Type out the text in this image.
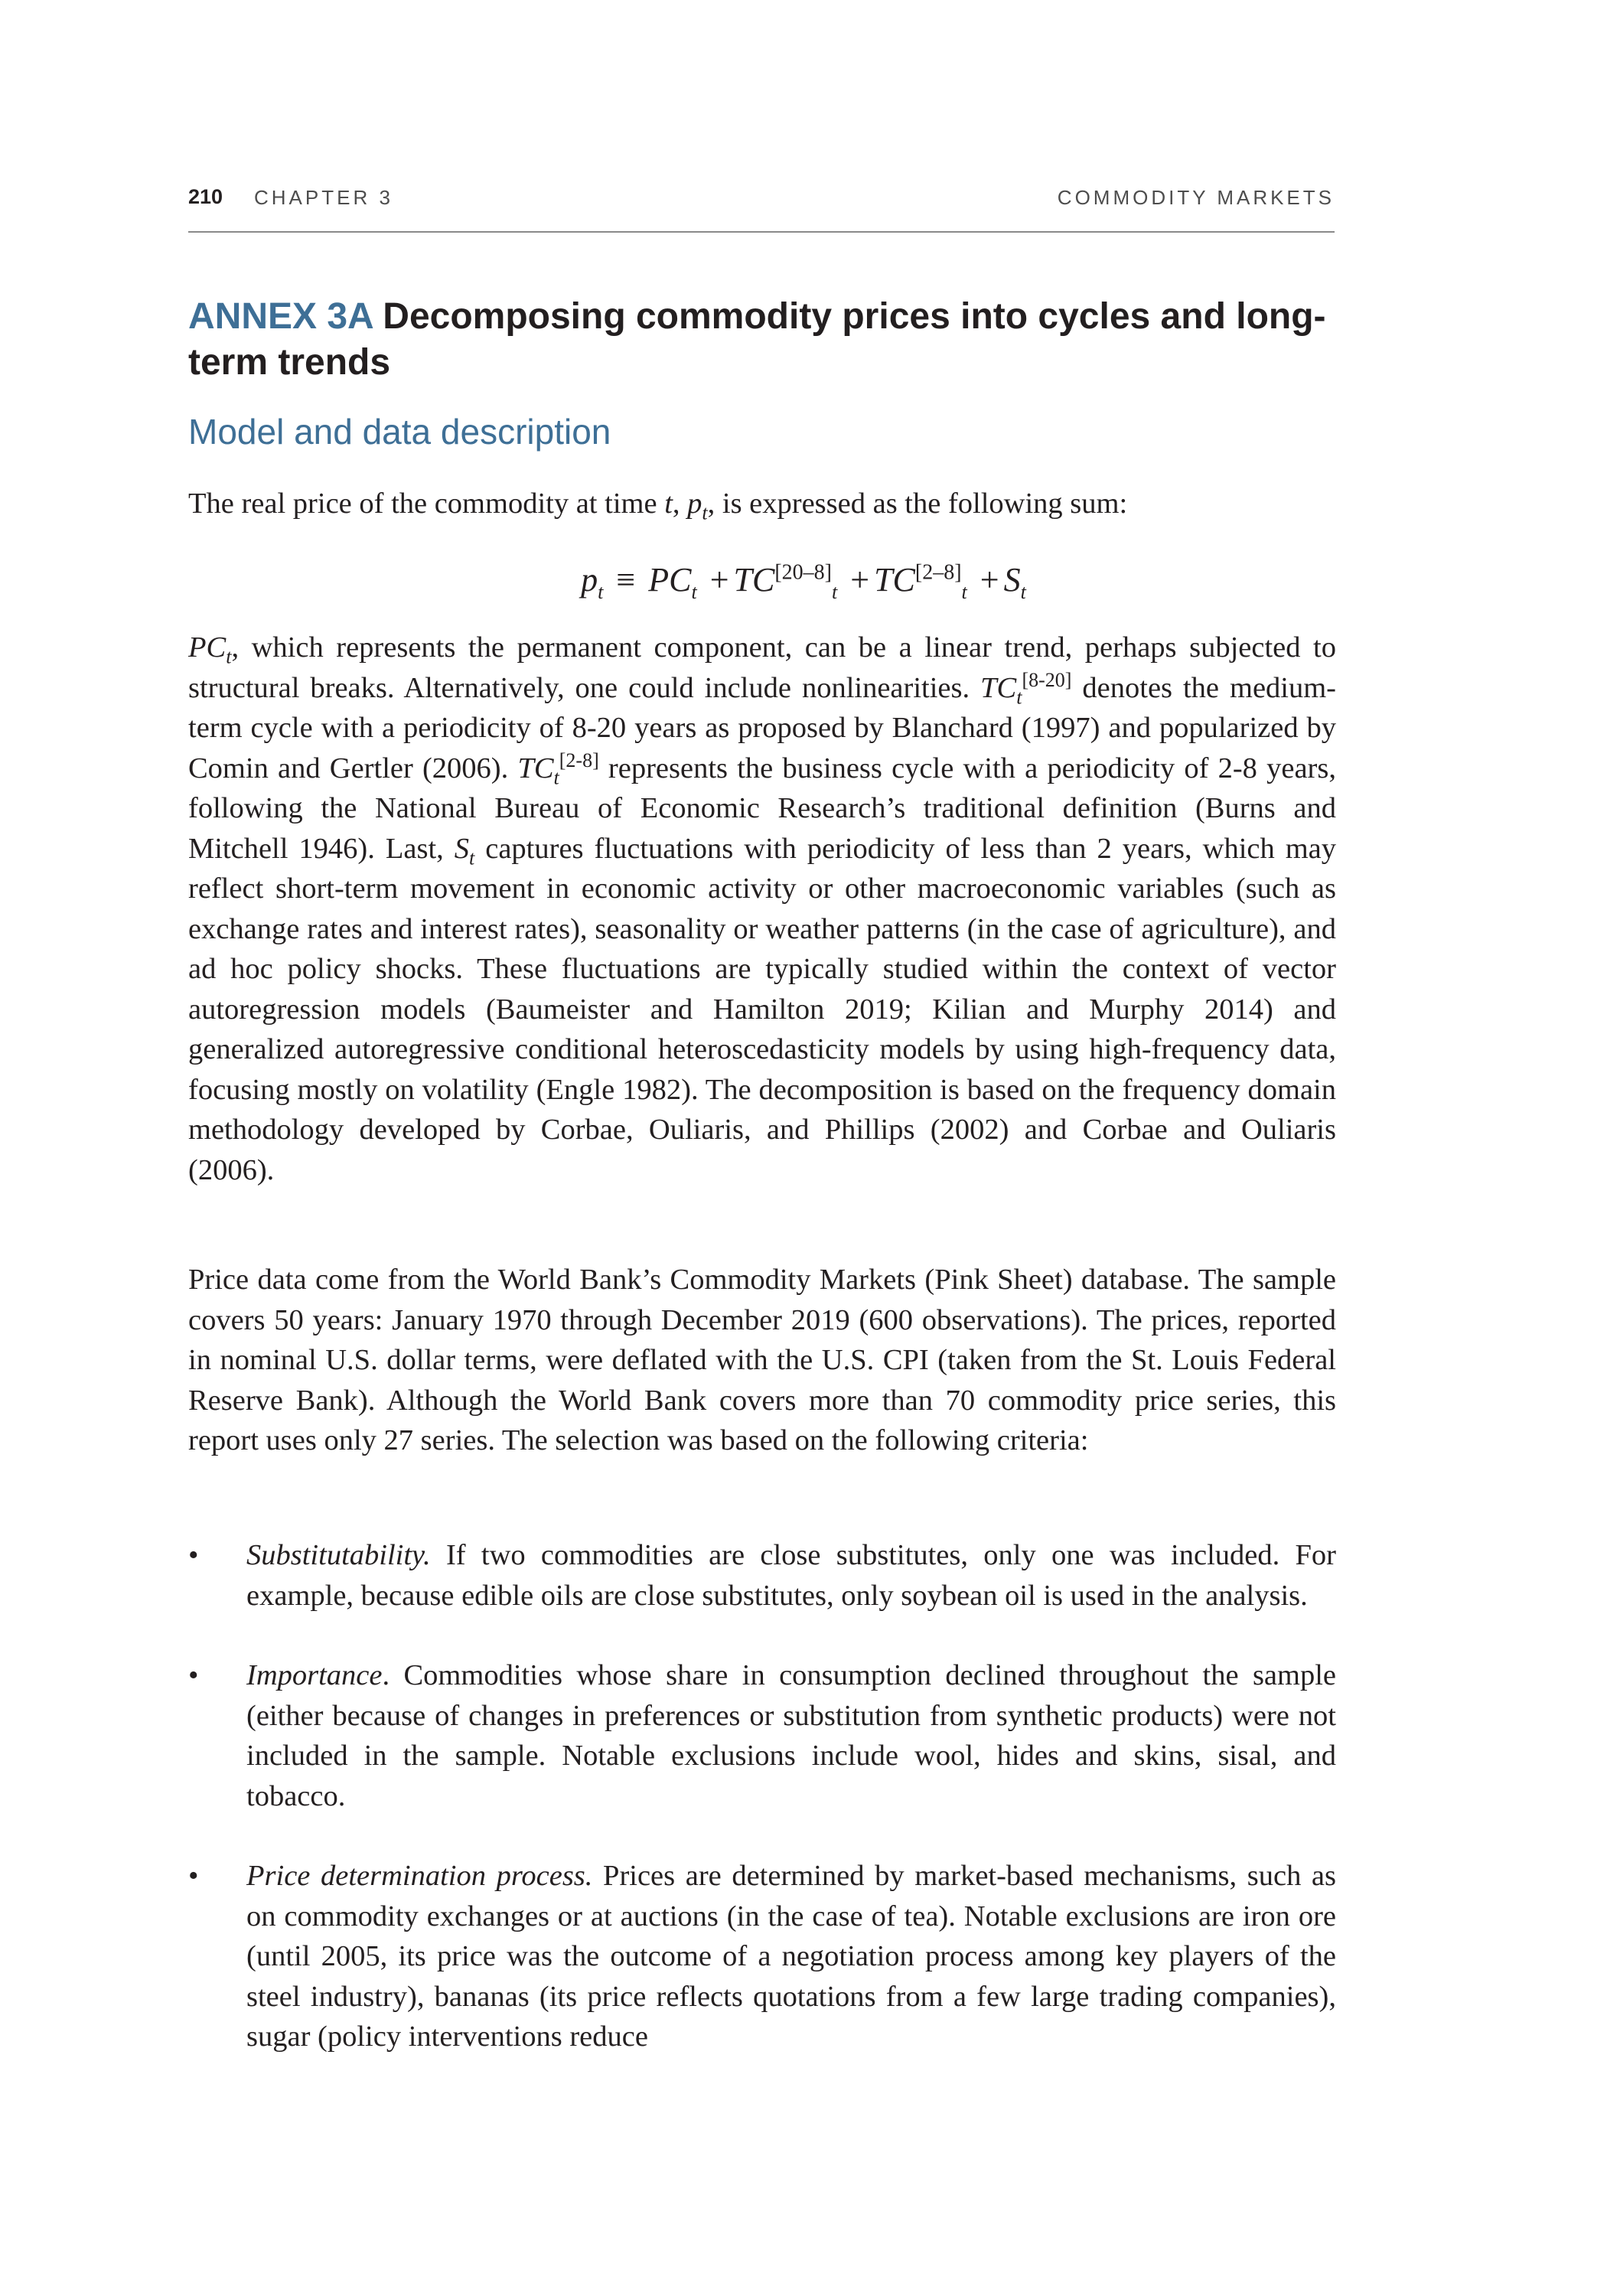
210 CHAPTER 3	COMMODITY MARKETS
ANNEX 3A Decomposing commodity prices into cycles and long-term trends
Model and data description

The real price of the commodity at time t, $p_t$, is expressed as the following sum:

$p_t \equiv PC_t + TC[20-8]_t + TC[2-8]_t + S_t$

$PC_t$, which represents the permanent component, can be a linear trend, perhaps subjected to structural breaks. Alternatively, one could include nonlinearities. $TC_t[8-20]$ denotes the medium-term cycle with a periodicity of 8-20 years as proposed by Blanchard (1997) and popularized by Comin and Gertler (2006). $TC_t[2-8]$ represents the business cycle with a periodicity of 2-8 years, following the National Bureau of Economic Research’s traditional definition (Burns and Mitchell 1946). Last, $S_t$ captures fluctuations with periodicity of less than 2 years, which may reflect short-term movement in economic activity or other macroeconomic variables (such as exchange rates and interest rates), seasonality or weather patterns (in the case of agriculture), and ad hoc policy shocks. These fluctuations are typically studied within the context of vector autoregression models (Baumeister and Hamilton 2019; Kilian and Murphy 2014) and generalized autoregressive conditional heteroscedasticity models by using high-frequency data, focusing mostly on volatility (Engle 1982). The decomposition is based on the frequency domain methodology developed by Corbae, Ouliaris, and Phillips (2002) and Corbae and Ouliaris (2006).

Price data come from the World Bank’s Commodity Markets (Pink Sheet) database. The sample covers 50 years: January 1970 through December 2019 (600 observations). The prices, reported in nominal U.S. dollar terms, were deflated with the U.S. CPI (taken from the St. Louis Federal Reserve Bank). Although the World Bank covers more than 70 commodity price series, this report uses only 27 series. The selection was based on the following criteria:

• Substitutability. If two commodities are close substitutes, only one was included. For example, because edible oils are close substitutes, only soybean oil is used in the analysis.
• Importance. Commodities whose share in consumption declined throughout the sample (either because of changes in preferences or substitution from synthetic products) were not included in the sample. Notable exclusions include wool, hides and skins, sisal, and tobacco.
• Price determination process. Prices are determined by market-based mechanisms, such as on commodity exchanges or at auctions (in the case of tea). Notable exclusions are iron ore (until 2005, its price was the outcome of a negotiation process among key players of the steel industry), bananas (its price reflects quotations from a few large trading companies), sugar (policy interventions reduce
